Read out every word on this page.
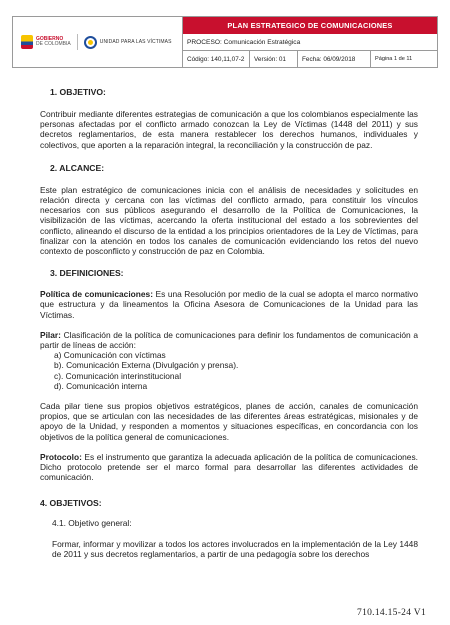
GOBIERNO
DE COLOMBIA	UNIDAD PARA LAS VÍCTIMAS
PLAN ESTRATEGICO DE COMUNICACIONES
PROCESO: Comunicación Estratégica
Código: 140,11,07-2	Versión: 01	Fecha: 06/09/2018	Página 1 de 11
1. OBJETIVO:

Contribuir mediante diferentes estrategias de comunicación a que los colombianos especialmente las personas afectadas por el conflicto armado conozcan la Ley de Víctimas (1448 del 2011) y sus decretos reglamentarios, de esta manera restablecer los derechos humanos, individuales y colectivos, que aporten a la reparación integral, la reconciliación y la construcción de paz.

2. ALCANCE:

Este plan estratégico de comunicaciones inicia con el análisis de necesidades y solicitudes en relación directa y cercana con las víctimas del conflicto armado, para constituir los vínculos necesarios con sus públicos asegurando el desarrollo de la Política de Comunicaciones, la visibilización de las víctimas, acercando la oferta institucional del estado a los sobrevientes del conflicto, alineando el discurso de la entidad a los principios orientadores de la Ley de Víctimas, para finalizar con la atención en todos los canales de comunicación evidenciando los retos del nuevo contexto de posconflicto y construcción de paz en Colombia.

3. DEFINICIONES:

Política de comunicaciones: Es una Resolución por medio de la cual se adopta el marco normativo que estructura y da lineamentos la Oficina Asesora de Comunicaciones de la Unidad para las Víctimas.

Pilar: Clasificación de la política de comunicaciones para definir los fundamentos de comunicación a partir de líneas de acción:

a) Comunicación con víctimas
b). Comunicación Externa (Divulgación y prensa).
c). Comunicación interinstitucional
d). Comunicación interna

Cada pilar tiene sus propios objetivos estratégicos, planes de acción, canales de comunicación propios, que se articulan con las necesidades de las diferentes áreas estratégicas, misionales y de apoyo de la Unidad, y responden a momentos y situaciones específicas, en concordancia con los objetivos de la política general de comunicaciones.

Protocolo: Es el instrumento que garantiza la adecuada aplicación de la política de comunicaciones. Dicho protocolo pretende ser el marco formal para desarrollar las diferentes actividades de comunicación.

4. OBJETIVOS:
4.1. Objetivo general:

Formar, informar y movilizar a todos los actores involucrados en la implementación de la Ley 1448 de 2011 y sus decretos reglamentarios, a partir de una pedagogía sobre los derechos

710.14.15-24 V1
